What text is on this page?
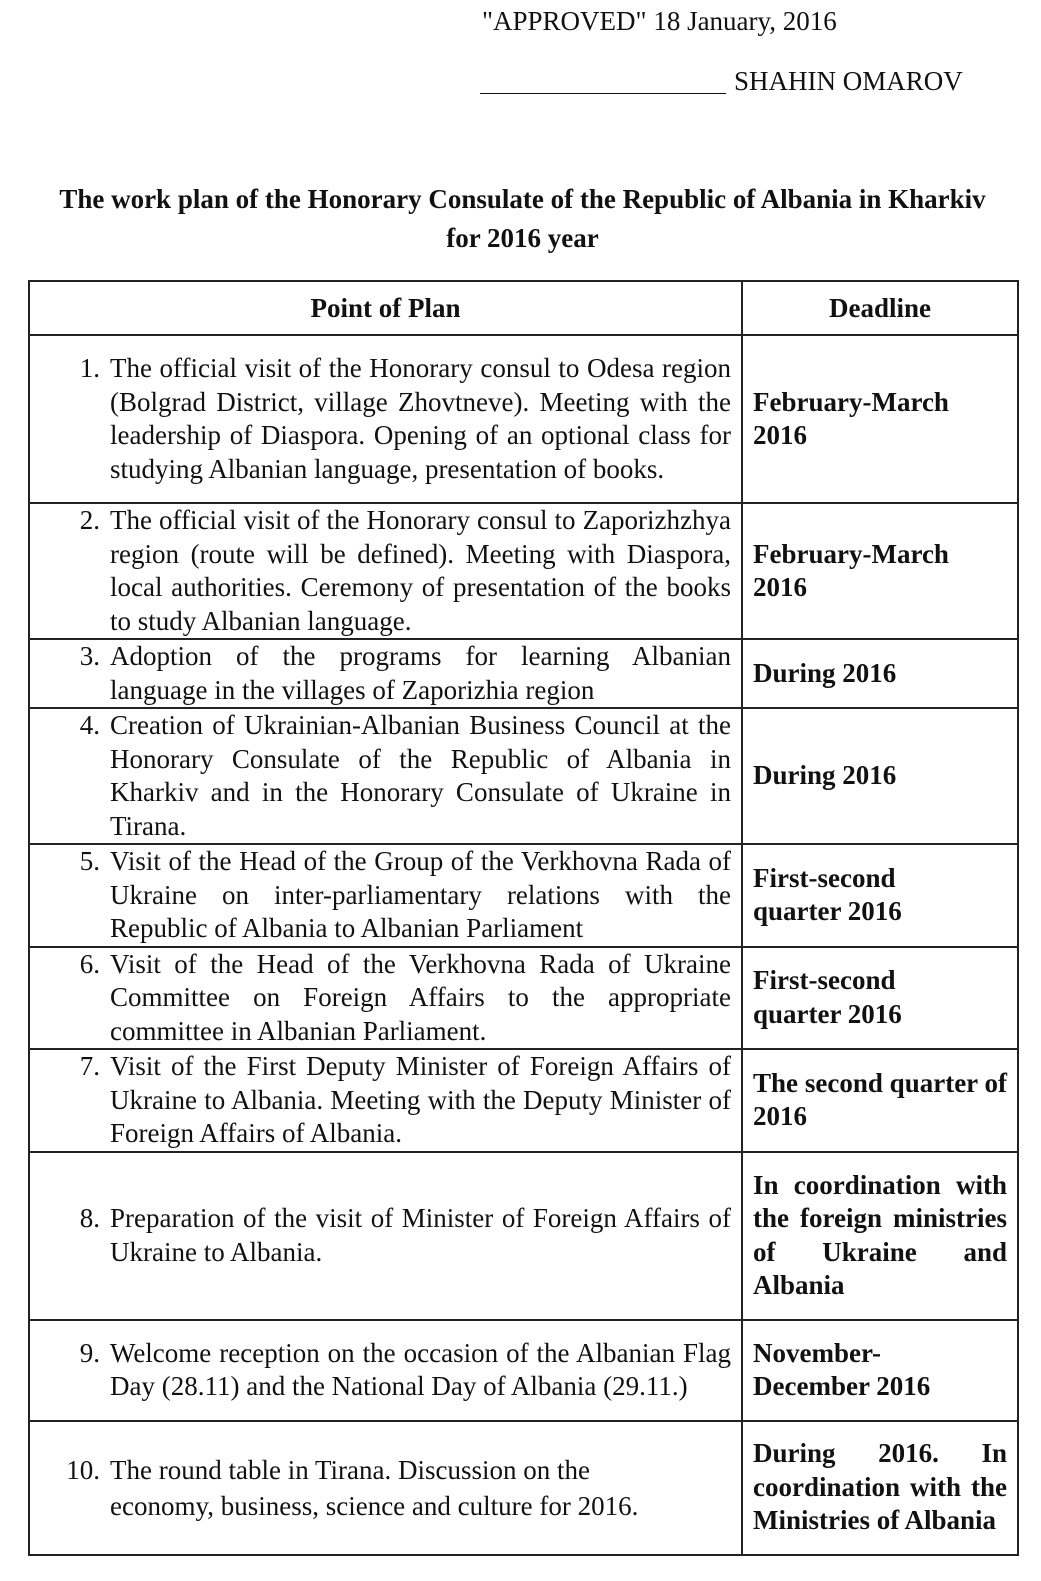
"APPROVED" 18 January, 2016
SHAHIN OMAROV
The work plan of the Honorary Consulate of the Republic of Albania in Kharkiv for 2016 year
Point of Plan	Deadline

1. The official visit of the Honorary consul to Odesa region (Bolgrad District, village Zhovtneve). Meeting with the leadership of Diaspora. Opening of an optional class for studying Albanian language, presentation of books.	February-March 2016

2. The official visit of the Honorary consul to Zaporizhzhya region (route will be defined). Meeting with Diaspora, local authorities. Ceremony of presentation of the books to study Albanian language.	February-March 2016

3. Adoption of the programs for learning Albanian language in the villages of Zaporizhia region	During 2016

4. Creation of Ukrainian-Albanian Business Council at the Honorary Consulate of the Republic of Albania in Kharkiv and in the Honorary Consulate of Ukraine in Tirana.	During 2016

5. Visit of the Head of the Group of the Verkhovna Rada of Ukraine on inter-parliamentary relations with the Republic of Albania to Albanian Parliament	First-second quarter 2016

6. Visit of the Head of the Verkhovna Rada of Ukraine Committee on Foreign Affairs to the appropriate committee in Albanian Parliament.	First-second quarter 2016

7. Visit of the First Deputy Minister of Foreign Affairs of Ukraine to Albania. Meeting with the Deputy Minister of Foreign Affairs of Albania.	The second quarter of 2016

8. Preparation of the visit of Minister of Foreign Affairs of Ukraine to Albania.	In coordination with the foreign ministries of Ukraine and Albania

9. Welcome reception on the occasion of the Albanian Flag Day (28.11) and the National Day of Albania (29.11.)	November-December 2016

10. The round table in Tirana. Discussion on the economy, business, science and culture for 2016.	During 2016. In coordination with the Ministries of Albania
